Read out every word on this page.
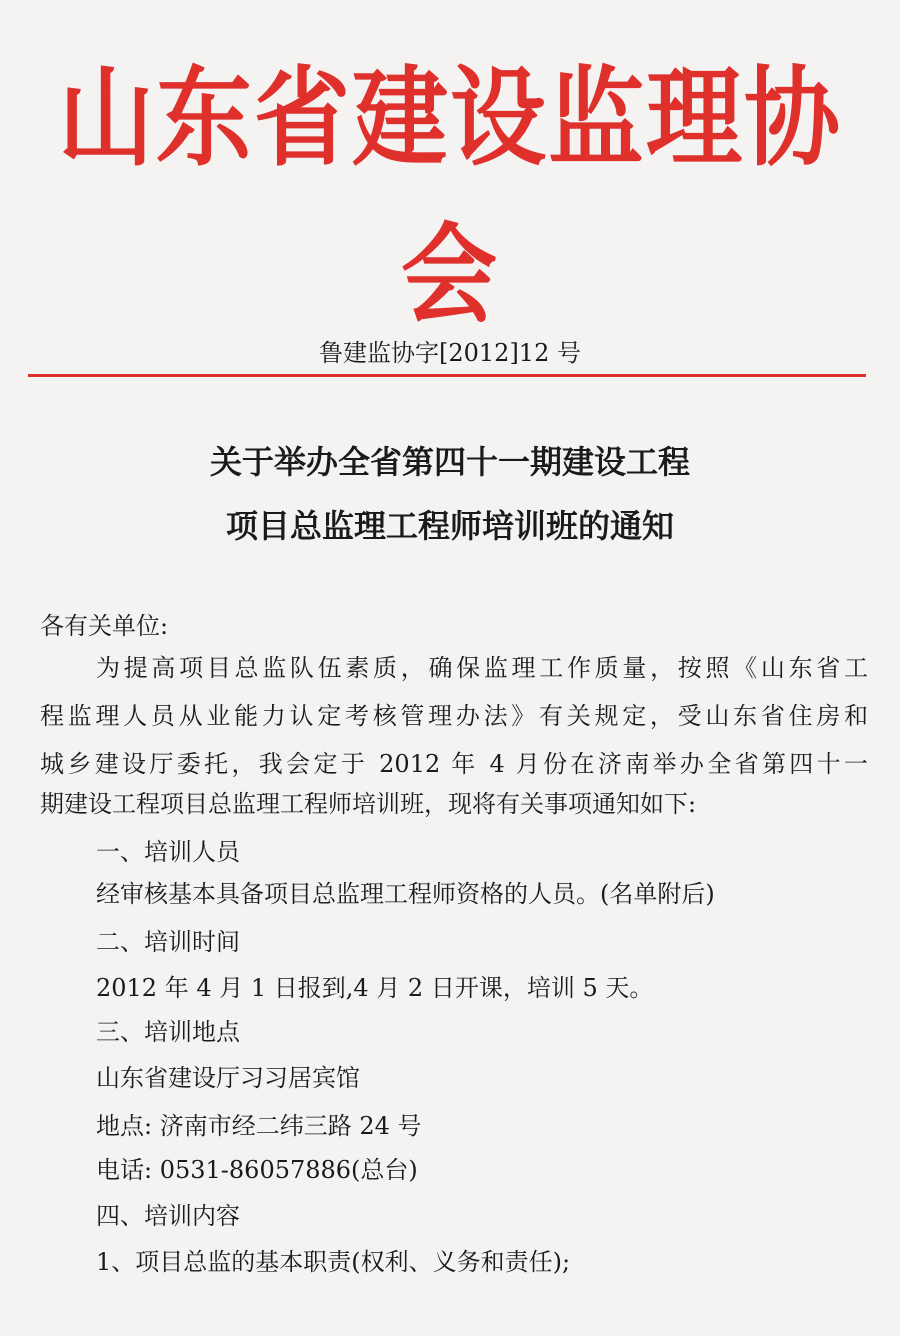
山东省建设监理协会
鲁建监协字[2012]12 号
关于举办全省第四十一期建设工程
项目总监理工程师培训班的通知
各有关单位:
为提高项目总监队伍素质，确保监理工作质量，按照《山东省工
程监理人员从业能力认定考核管理办法》有关规定，受山东省住房和
城乡建设厅委托，我会定于 2012 年 4 月份在济南举办全省第四十一
期建设工程项目总监理工程师培训班，现将有关事项通知如下:
一、培训人员
经审核基本具备项目总监理工程师资格的人员。(名单附后)
二、培训时间
2012 年 4 月 1 日报到,4 月 2 日开课，培训 5 天。
三、培训地点
山东省建设厅习习居宾馆
地点: 济南市经二纬三路 24 号
电话: 0531-86057886(总台)
四、培训内容
1、项目总监的基本职责(权利、义务和责任);
